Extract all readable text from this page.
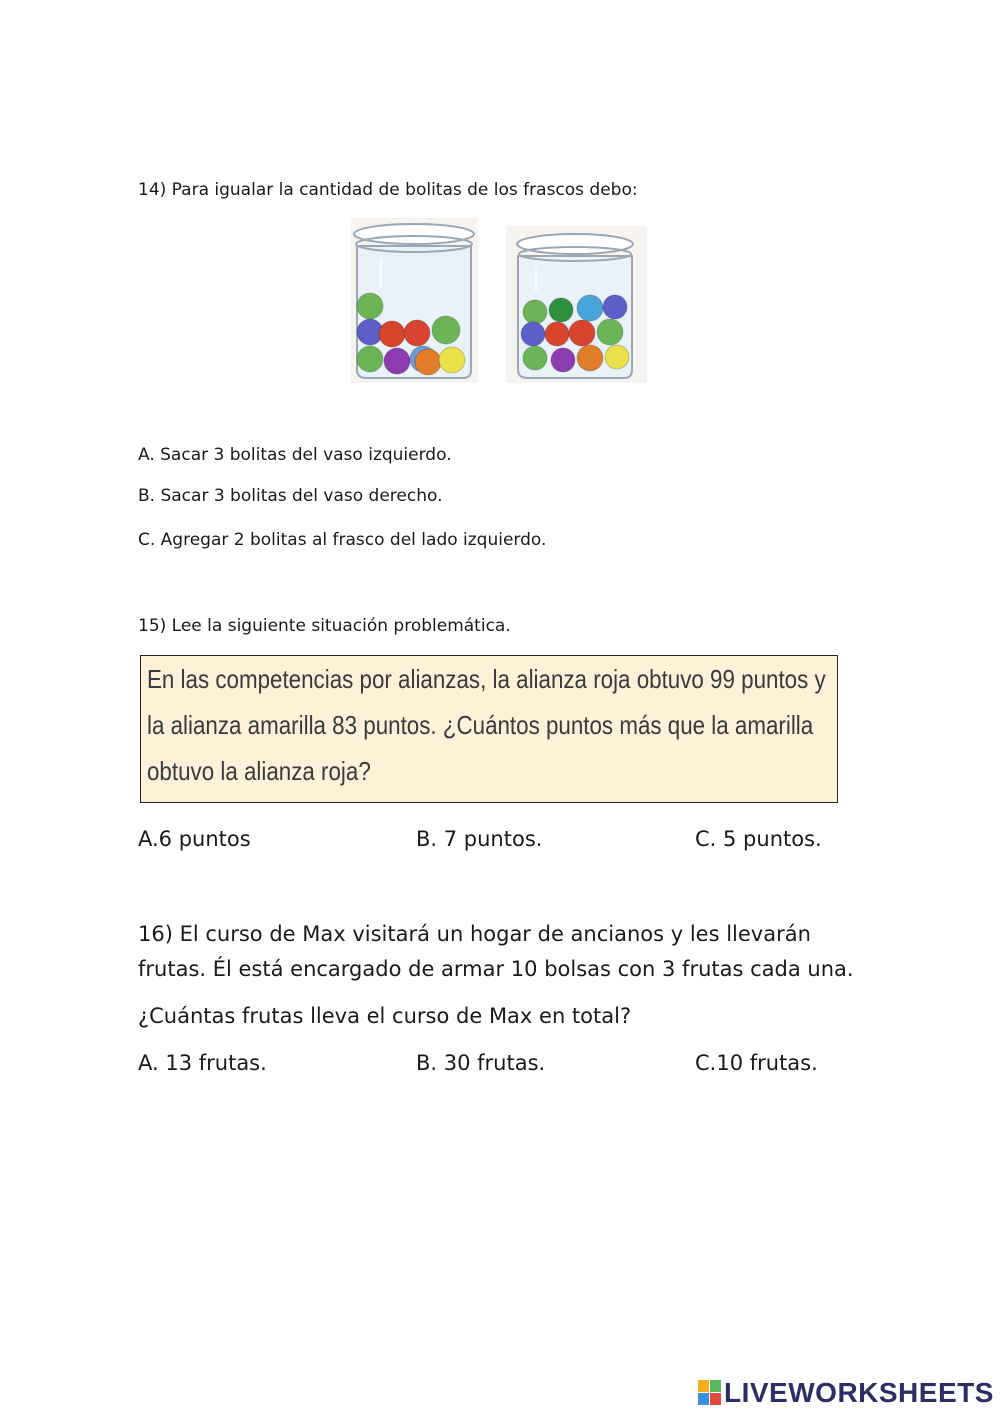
14) Para igualar la cantidad de bolitas de los frascos debo:
A. Sacar 3 bolitas del vaso izquierdo.
B. Sacar 3 bolitas del vaso derecho.
C. Agregar 2 bolitas al frasco del lado izquierdo.
15) Lee la siguiente situación problemática.
En las competencias por alianzas, la alianza roja obtuvo 99 puntos y la alianza amarilla 83 puntos. ¿Cuántos puntos más que la amarilla obtuvo la alianza roja?
A.6 puntos	B. 7 puntos.	C. 5 puntos.
16) El curso de Max visitará un hogar de ancianos y les llevarán
frutas. Él está encargado de armar 10 bolsas con 3 frutas cada una.
¿Cuántas frutas lleva el curso de Max en total?
A. 13 frutas.	B. 30 frutas.	C.10 frutas.
LIVEWORKSHEETS
